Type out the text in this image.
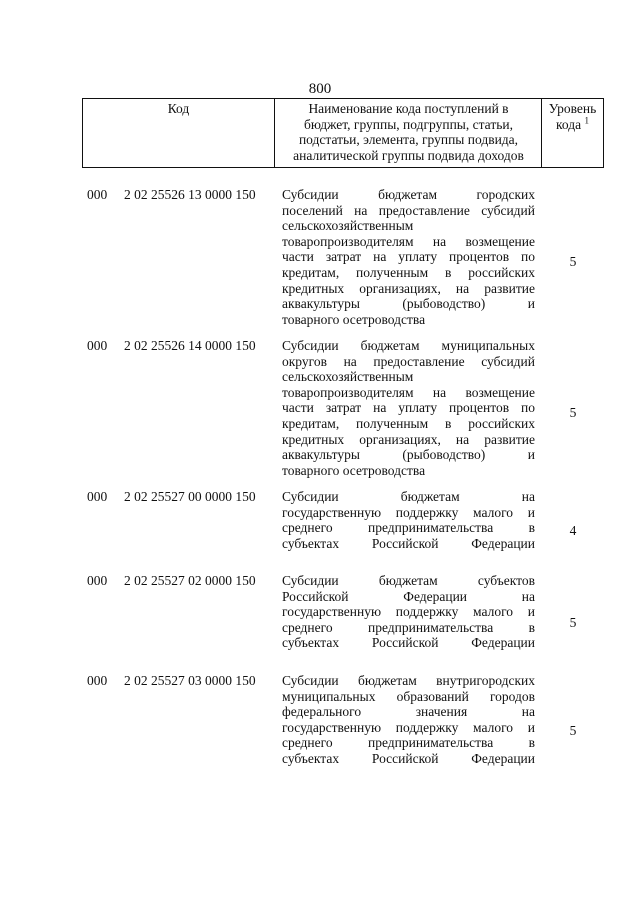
800
Код	Наименование кода поступлений в
бюджет, группы, подгруппы, статьи,
подстатьи, элемента, группы подвида,
аналитической группы подвида доходов
Уровень
кода $^1$
000	2 02 25526 13 0000 150	Субсидии бюджетам городских
поселений на предоставление субсидий
сельскохозяйственным
товаропроизводителям на возмещение
части затрат на уплату процентов по
кредитам, полученным в российских
кредитных организациях, на развитие
аквакультуры (рыбоводство) и
товарного осетроводства
5
000	2 02 25526 14 0000 150	Субсидии бюджетам муниципальных
округов на предоставление субсидий
сельскохозяйственным
товаропроизводителям на возмещение
части затрат на уплату процентов по
кредитам, полученным в российских
кредитных организациях, на развитие
аквакультуры (рыбоводство) и
товарного осетроводства
5
000	2 02 25527 00 0000 150	Субсидии бюджетам на
государственную поддержку малого и
среднего предпринимательства в
субъектах Российской Федерации
4
000	2 02 25527 02 0000 150	Субсидии бюджетам субъектов
Российской Федерации на
государственную поддержку малого и
среднего предпринимательства в
субъектах Российской Федерации
5
000	2 02 25527 03 0000 150	Субсидии бюджетам внутригородских
муниципальных образований городов
федерального значения на
государственную поддержку малого и
среднего предпринимательства в
субъектах Российской Федерации
5
